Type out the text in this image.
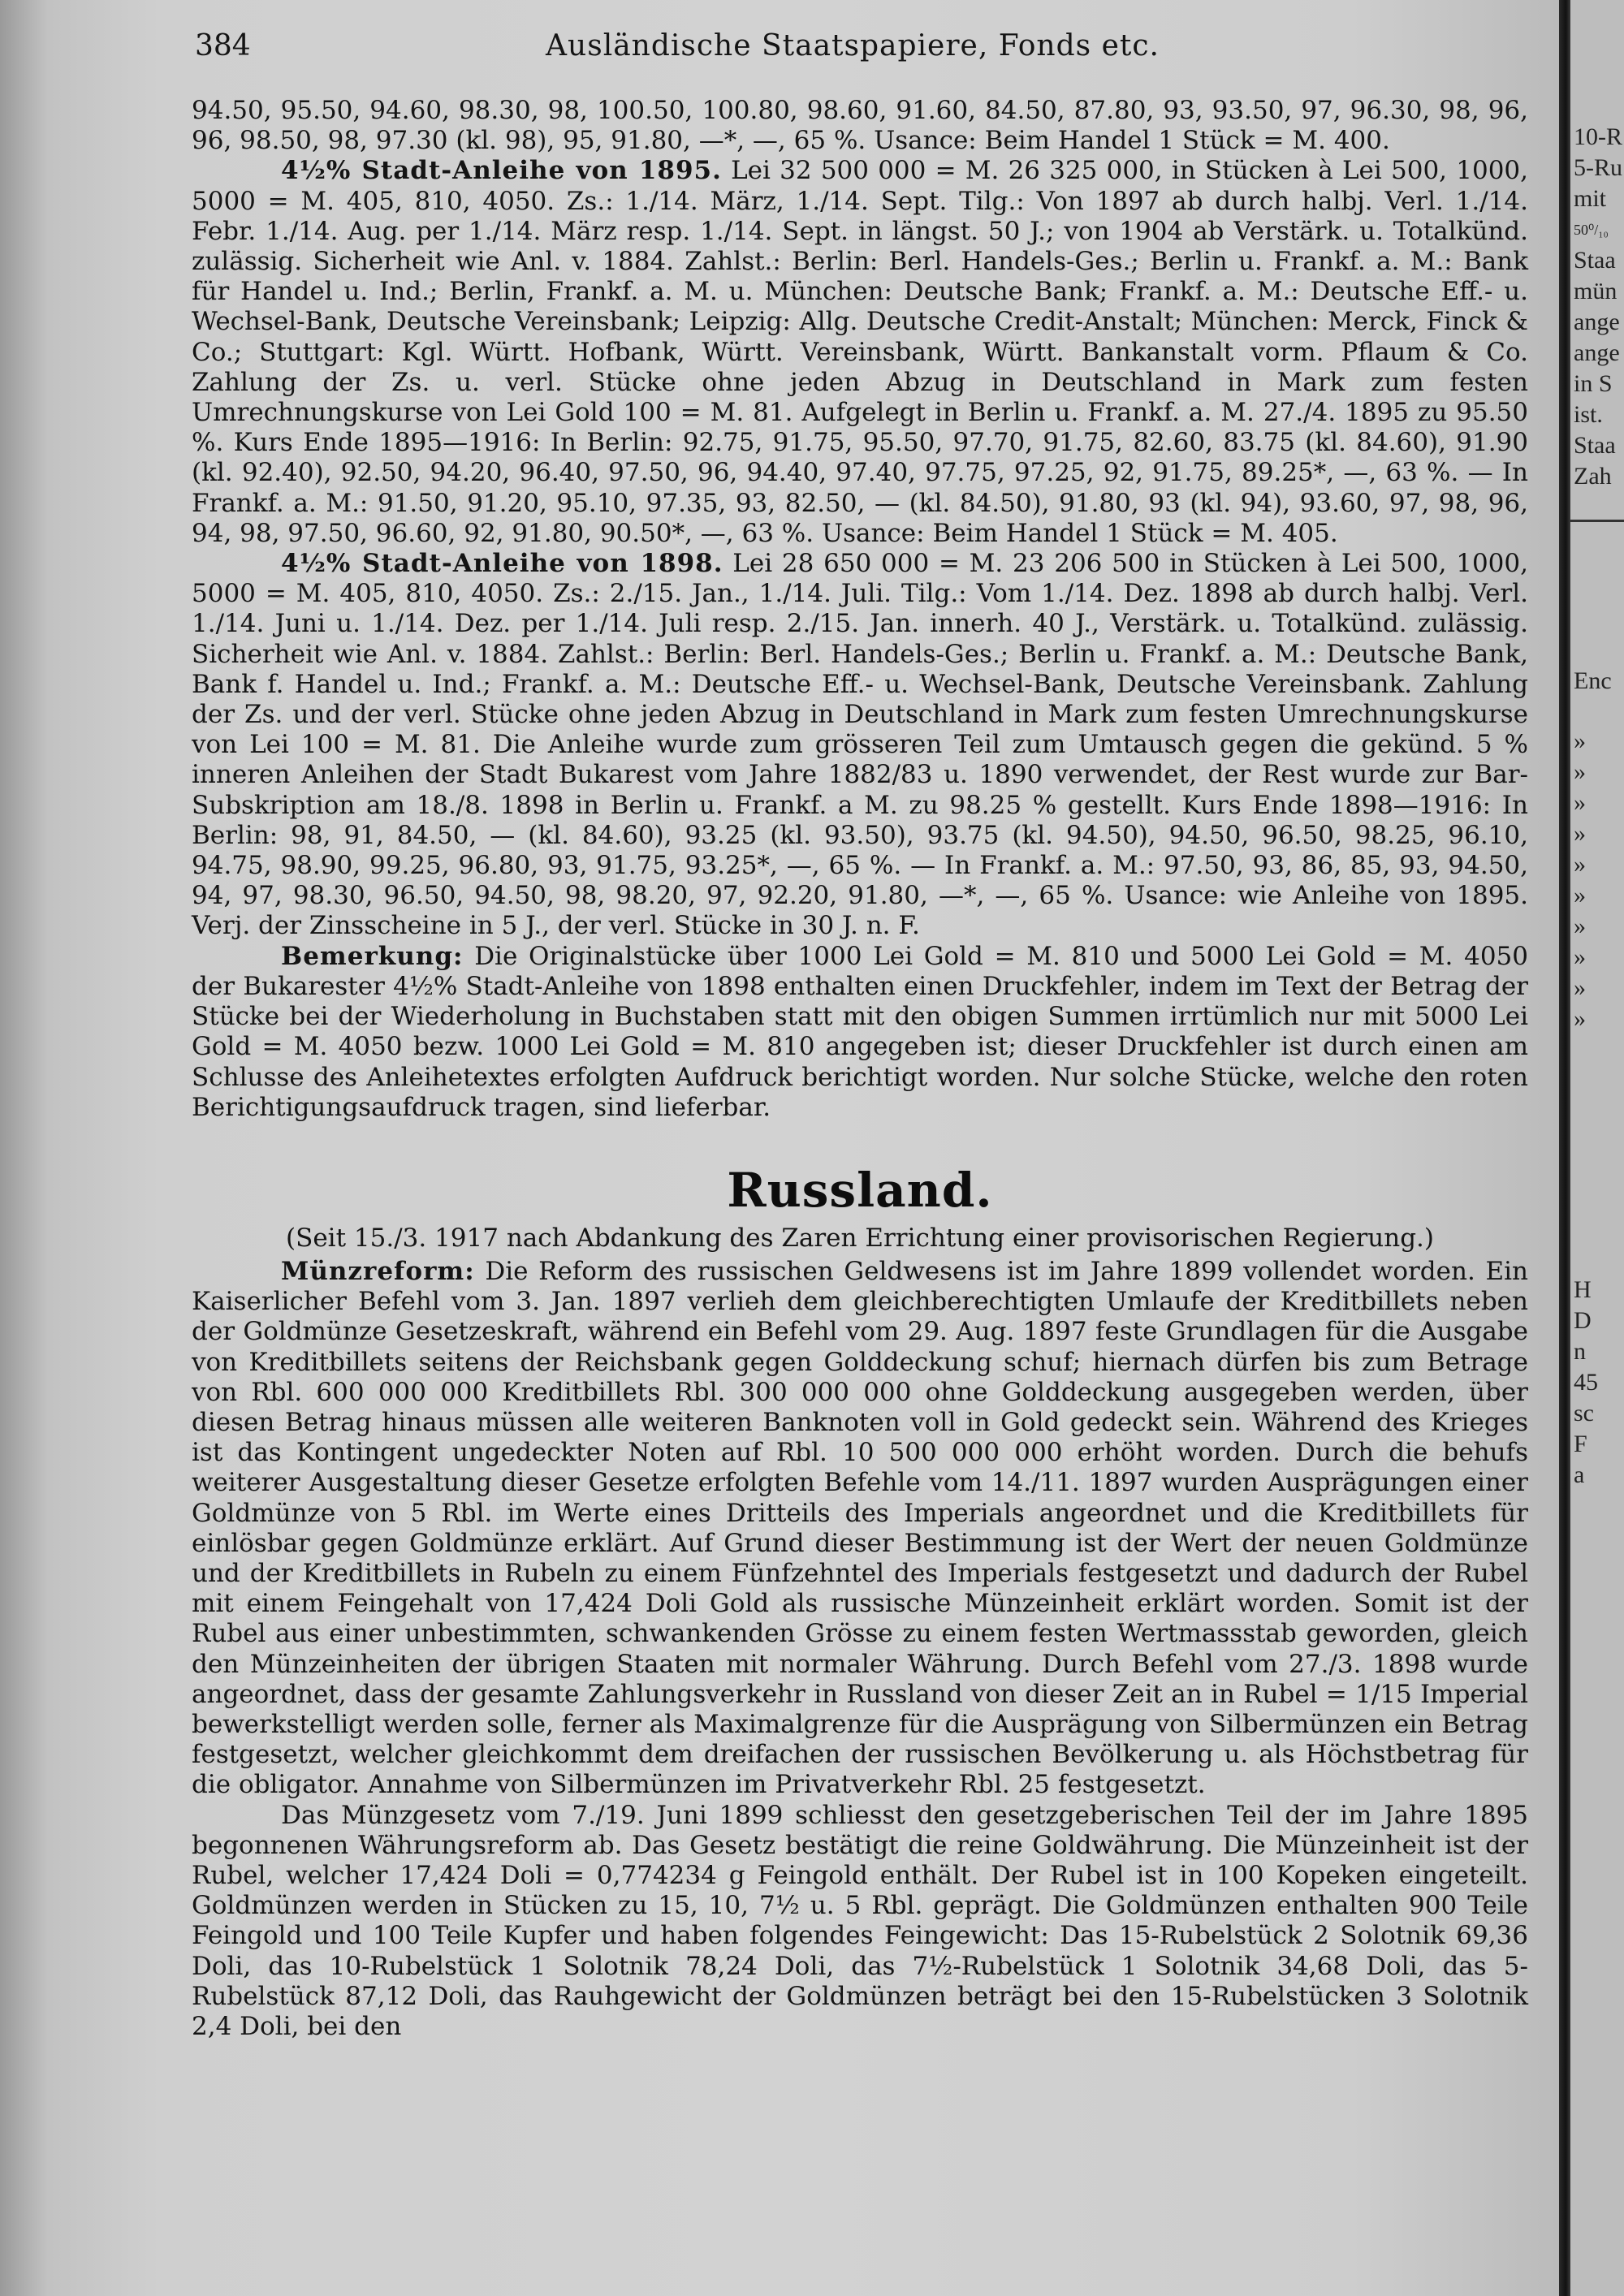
384	Ausländische Staatspapiere, Fonds etc.

94.50, 95.50, 94.60, 98.30, 98, 100.50, 100.80, 98.60, 91.60, 84.50, 87.80, 93, 93.50, 97, 96.30, 98, 96, 96, 98.50, 98, 97.30 (kl. 98), 95, 91.80, —*, —, 65 %. Usance: Beim Handel 1 Stück = M. 400.

4½% Stadt-Anleihe von 1895. Lei 32 500 000 = M. 26 325 000, in Stücken à Lei 500, 1000, 5000 = M. 405, 810, 4050. Zs.: 1./14. März, 1./14. Sept. Tilg.: Von 1897 ab durch halbj. Verl. 1./14. Febr. 1./14. Aug. per 1./14. März resp. 1./14. Sept. in längst. 50 J.; von 1904 ab Verstärk. u. Totalkünd. zulässig. Sicherheit wie Anl. v. 1884. Zahlst.: Berlin: Berl. Handels-Ges.; Berlin u. Frankf. a. M.: Bank für Handel u. Ind.; Berlin, Frankf. a. M. u. München: Deutsche Bank; Frankf. a. M.: Deutsche Eff.- u. Wechsel-Bank, Deutsche Vereinsbank; Leipzig: Allg. Deutsche Credit-Anstalt; München: Merck, Finck & Co.; Stuttgart: Kgl. Württ. Hofbank, Württ. Vereinsbank, Württ. Bankanstalt vorm. Pflaum & Co. Zahlung der Zs. u. verl. Stücke ohne jeden Abzug in Deutschland in Mark zum festen Umrechnungskurse von Lei Gold 100 = M. 81. Aufgelegt in Berlin u. Frankf. a. M. 27./4. 1895 zu 95.50 %. Kurs Ende 1895—1916: In Berlin: 92.75, 91.75, 95.50, 97.70, 91.75, 82.60, 83.75 (kl. 84.60), 91.90 (kl. 92.40), 92.50, 94.20, 96.40, 97.50, 96, 94.40, 97.40, 97.75, 97.25, 92, 91.75, 89.25*, —, 63 %. — In Frankf. a. M.: 91.50, 91.20, 95.10, 97.35, 93, 82.50, — (kl. 84.50), 91.80, 93 (kl. 94), 93.60, 97, 98, 96, 94, 98, 97.50, 96.60, 92, 91.80, 90.50*, —, 63 %. Usance: Beim Handel 1 Stück = M. 405.

4½% Stadt-Anleihe von 1898. Lei 28 650 000 = M. 23 206 500 in Stücken à Lei 500, 1000, 5000 = M. 405, 810, 4050. Zs.: 2./15. Jan., 1./14. Juli. Tilg.: Vom 1./14. Dez. 1898 ab durch halbj. Verl. 1./14. Juni u. 1./14. Dez. per 1./14. Juli resp. 2./15. Jan. innerh. 40 J., Verstärk. u. Totalkünd. zulässig. Sicherheit wie Anl. v. 1884. Zahlst.: Berlin: Berl. Handels-Ges.; Berlin u. Frankf. a. M.: Deutsche Bank, Bank f. Handel u. Ind.; Frankf. a. M.: Deutsche Eff.- u. Wechsel-Bank, Deutsche Vereinsbank. Zahlung der Zs. und der verl. Stücke ohne jeden Abzug in Deutschland in Mark zum festen Umrechnungskurse von Lei 100 = M. 81. Die Anleihe wurde zum grösseren Teil zum Umtausch gegen die gekünd. 5 % inneren Anleihen der Stadt Bukarest vom Jahre 1882/83 u. 1890 verwendet, der Rest wurde zur Bar-Subskription am 18./8. 1898 in Berlin u. Frankf. a M. zu 98.25 % gestellt. Kurs Ende 1898—1916: In Berlin: 98, 91, 84.50, — (kl. 84.60), 93.25 (kl. 93.50), 93.75 (kl. 94.50), 94.50, 96.50, 98.25, 96.10, 94.75, 98.90, 99.25, 96.80, 93, 91.75, 93.25*, —, 65 %. — In Frankf. a. M.: 97.50, 93, 86, 85, 93, 94.50, 94, 97, 98.30, 96.50, 94.50, 98, 98.20, 97, 92.20, 91.80, —*, —, 65 %. Usance: wie Anleihe von 1895. Verj. der Zinsscheine in 5 J., der verl. Stücke in 30 J. n. F.

Bemerkung: Die Originalstücke über 1000 Lei Gold = M. 810 und 5000 Lei Gold = M. 4050 der Bukarester 4½% Stadt-Anleihe von 1898 enthalten einen Druckfehler, indem im Text der Betrag der Stücke bei der Wiederholung in Buchstaben statt mit den obigen Summen irrtümlich nur mit 5000 Lei Gold = M. 4050 bezw. 1000 Lei Gold = M. 810 angegeben ist; dieser Druckfehler ist durch einen am Schlusse des Anleihetextes erfolgten Aufdruck berichtigt worden. Nur solche Stücke, welche den roten Berichtigungsaufdruck tragen, sind lieferbar.

Russland.
(Seit 15./3. 1917 nach Abdankung des Zaren Errichtung einer provisorischen Regierung.)

Münzreform: Die Reform des russischen Geldwesens ist im Jahre 1899 vollendet worden. Ein Kaiserlicher Befehl vom 3. Jan. 1897 verlieh dem gleichberechtigten Umlaufe der Kreditbillets neben der Goldmünze Gesetzeskraft, während ein Befehl vom 29. Aug. 1897 feste Grundlagen für die Ausgabe von Kreditbillets seitens der Reichsbank gegen Golddeckung schuf; hiernach dürfen bis zum Betrage von Rbl. 600 000 000 Kreditbillets Rbl. 300 000 000 ohne Golddeckung ausgegeben werden, über diesen Betrag hinaus müssen alle weiteren Banknoten voll in Gold gedeckt sein. Während des Krieges ist das Kontingent ungedeckter Noten auf Rbl. 10 500 000 000 erhöht worden. Durch die behufs weiterer Ausgestaltung dieser Gesetze erfolgten Befehle vom 14./11. 1897 wurden Ausprägungen einer Goldmünze von 5 Rbl. im Werte eines Dritteils des Imperials angeordnet und die Kreditbillets für einlösbar gegen Goldmünze erklärt. Auf Grund dieser Bestimmung ist der Wert der neuen Goldmünze und der Kreditbillets in Rubeln zu einem Fünfzehntel des Imperials festgesetzt und dadurch der Rubel mit einem Feingehalt von 17,424 Doli Gold als russische Münzeinheit erklärt worden. Somit ist der Rubel aus einer unbestimmten, schwankenden Grösse zu einem festen Wertmassstab geworden, gleich den Münzeinheiten der übrigen Staaten mit normaler Währung. Durch Befehl vom 27./3. 1898 wurde angeordnet, dass der gesamte Zahlungsverkehr in Russland von dieser Zeit an in Rubel = 1/15 Imperial bewerkstelligt werden solle, ferner als Maximalgrenze für die Ausprägung von Silbermünzen ein Betrag festgesetzt, welcher gleichkommt dem dreifachen der russischen Bevölkerung u. als Höchstbetrag für die obligator. Annahme von Silbermünzen im Privatverkehr Rbl. 25 festgesetzt.

Das Münzgesetz vom 7./19. Juni 1899 schliesst den gesetzgeberischen Teil der im Jahre 1895 begonnenen Währungsreform ab. Das Gesetz bestätigt die reine Goldwährung. Die Münzeinheit ist der Rubel, welcher 17,424 Doli = 0,774234 g Feingold enthält. Der Rubel ist in 100 Kopeken eingeteilt. Goldmünzen werden in Stücken zu 15, 10, 7½ u. 5 Rbl. geprägt. Die Goldmünzen enthalten 900 Teile Feingold und 100 Teile Kupfer und haben folgendes Feingewicht: Das 15-Rubelstück 2 Solotnik 69,36 Doli, das 10-Rubelstück 1 Solotnik 78,24 Doli, das 7½-Rubelstück 1 Solotnik 34,68 Doli, das 5-Rubelstück 87,12 Doli, das Rauhgewicht der Goldmünzen beträgt bei den 15-Rubelstücken 3 Solotnik 2,4 Doli, bei den

10-R
5-Ru
mit
50⁰/₁₀
Staa
mün
ange
ange
in S
ist.
Staa
Zah
Enc
»
»
»
»
»
»
»
»
»
»
H
D
n
45
sc
F
a
